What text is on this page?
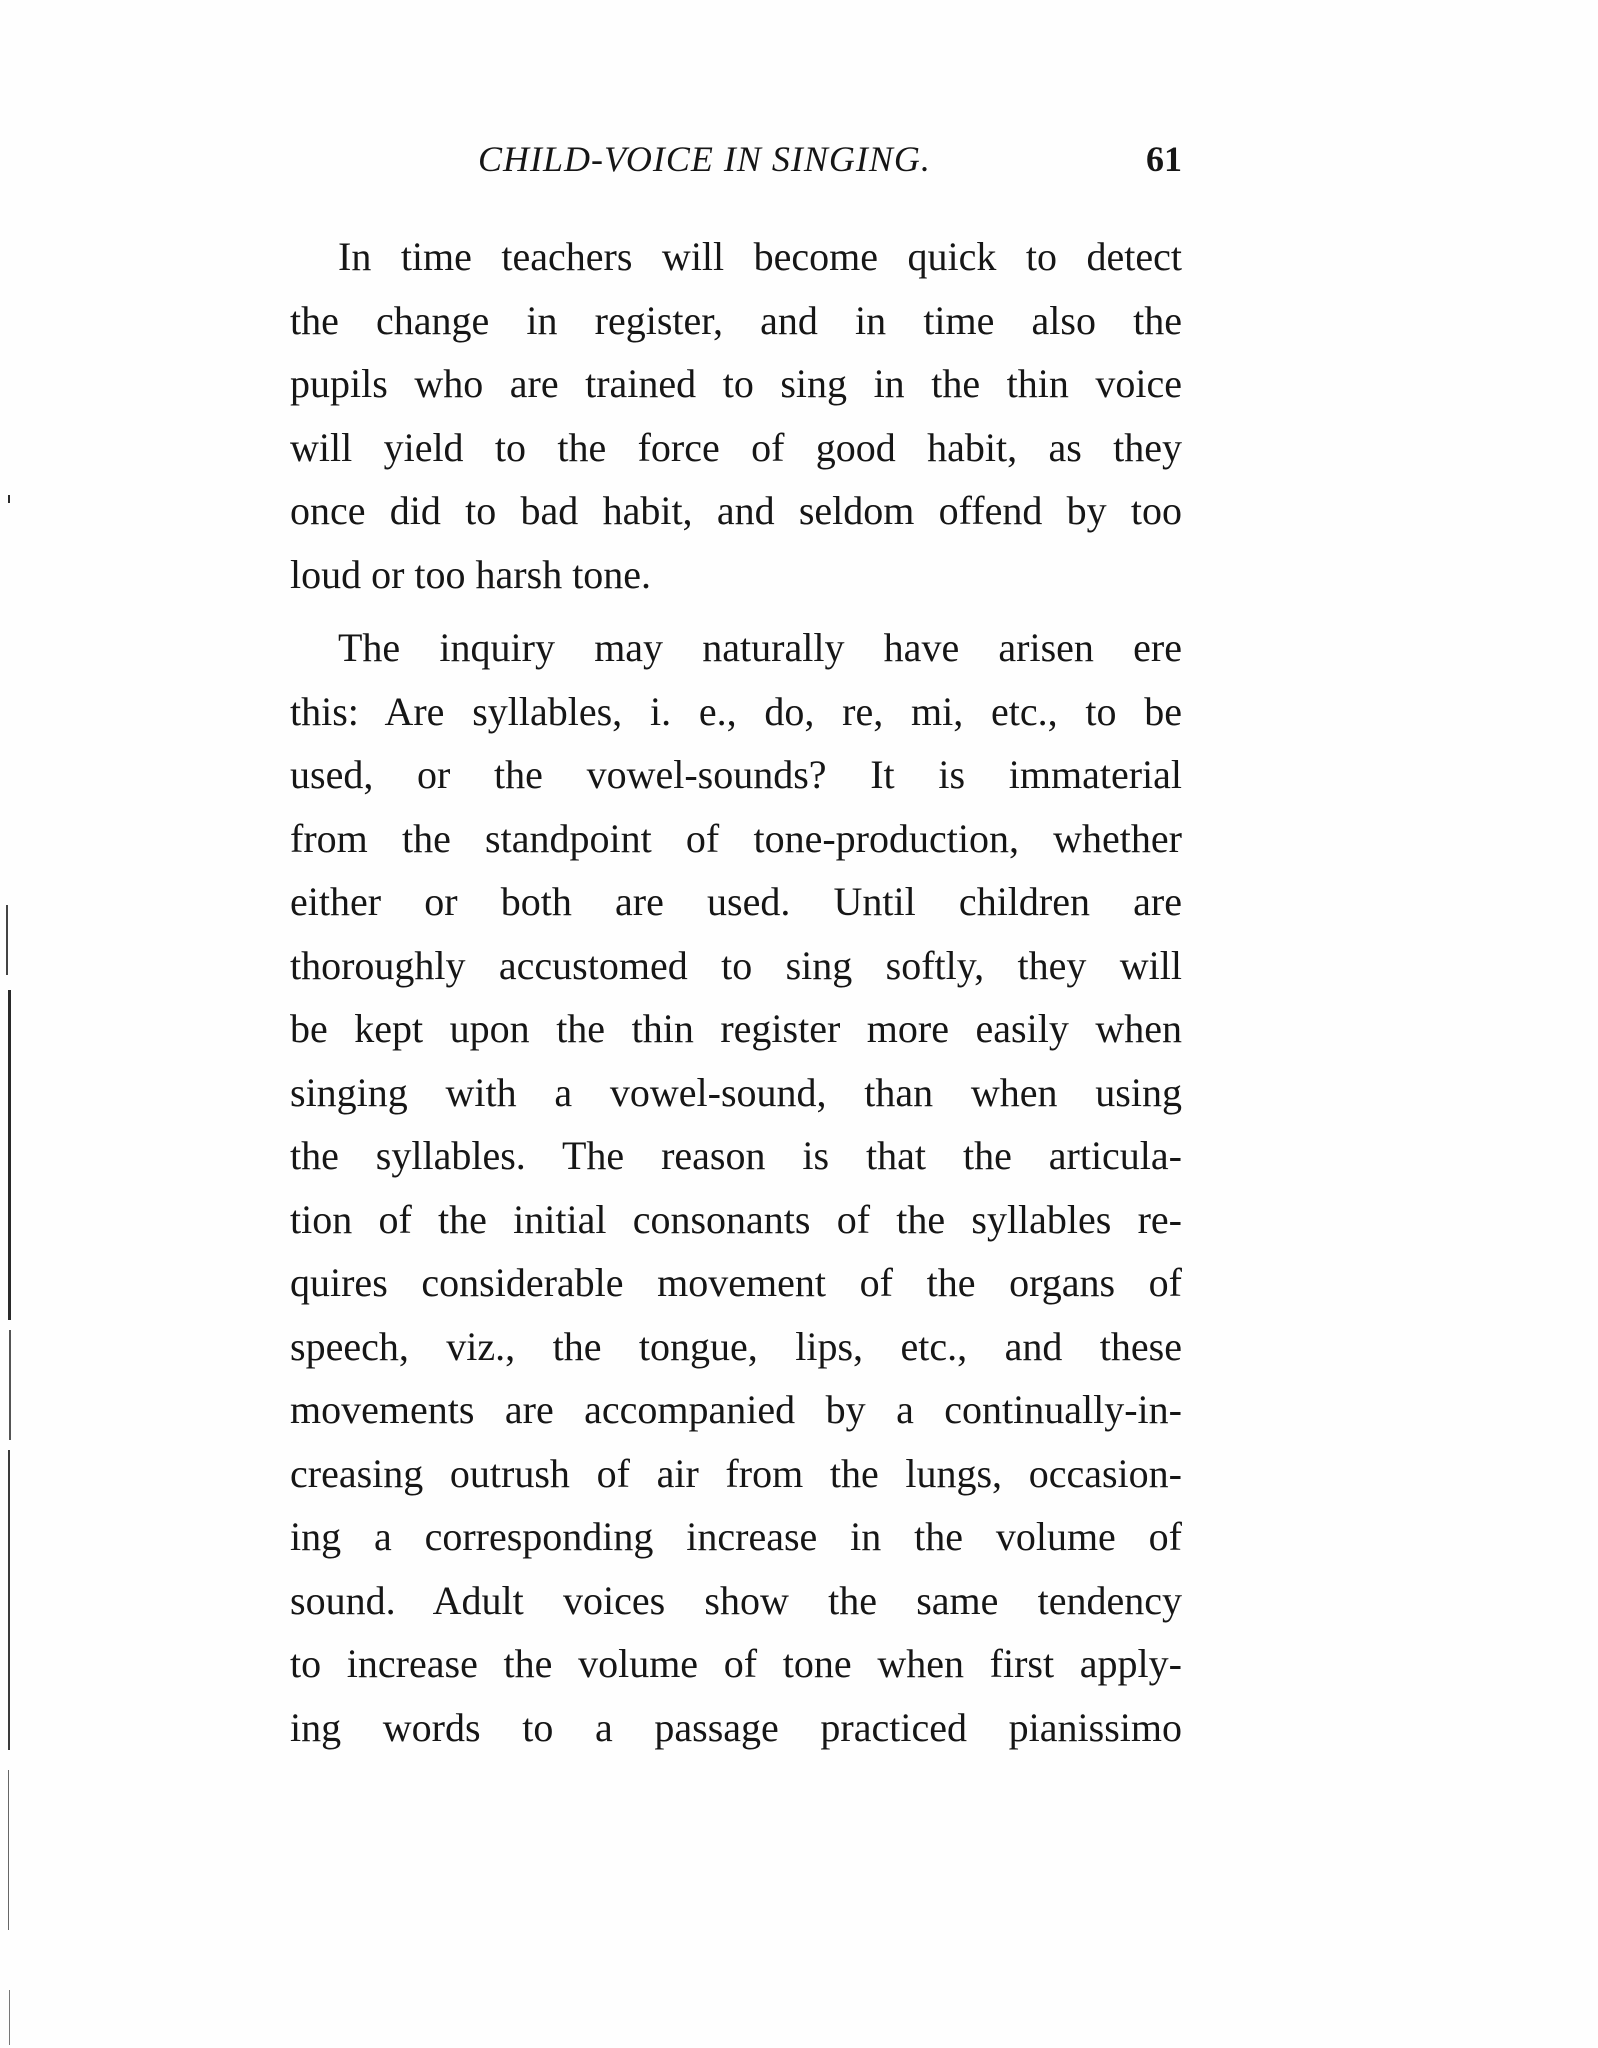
CHILD-VOICE IN SINGING.	61
In time teachers will become quick to detect
the change in register, and in time also the
pupils who are trained to sing in the thin voice
will yield to the force of good habit, as they
once did to bad habit, and seldom offend by too
loud or too harsh tone.
The inquiry may naturally have arisen ere
this: Are syllables, i. e., do, re, mi, etc., to be
used, or the vowel-sounds? It is immaterial
from the standpoint of tone-production, whether
either or both are used. Until children are
thoroughly accustomed to sing softly, they will
be kept upon the thin register more easily when
singing with a vowel-sound, than when using
the syllables. The reason is that the articula-
tion of the initial consonants of the syllables re-
quires considerable movement of the organs of
speech, viz., the tongue, lips, etc., and these
movements are accompanied by a continually-in-
creasing outrush of air from the lungs, occasion-
ing a corresponding increase in the volume of
sound. Adult voices show the same tendency
to increase the volume of tone when first apply-
ing words to a passage practiced pianissimo
